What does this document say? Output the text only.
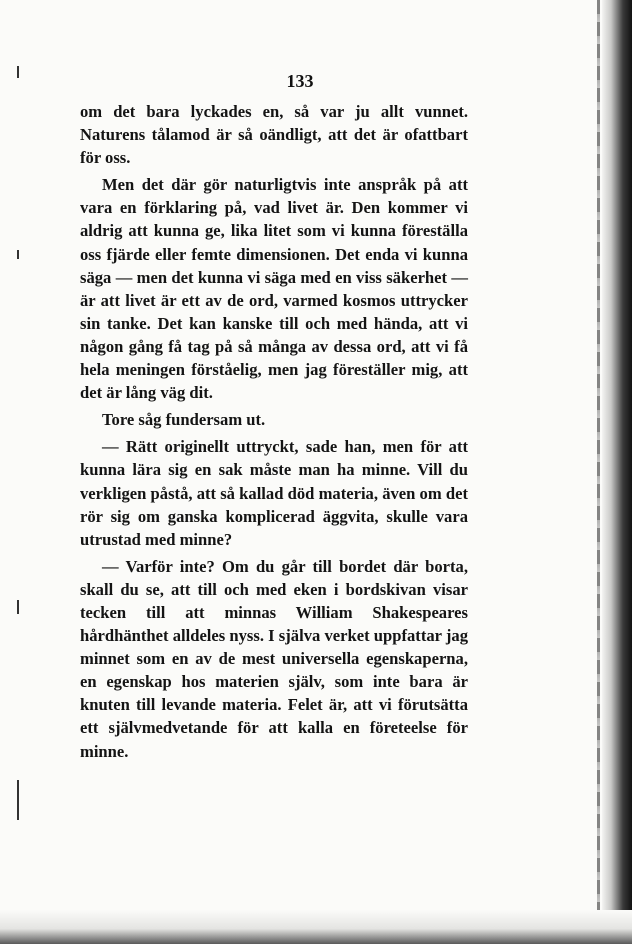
133

om det bara lyckades en, så var ju allt vunnet. Naturens tålamod är så oändligt, att det är ofattbart för oss.

Men det där gör naturligtvis inte anspråk på att vara en förklaring på, vad livet är. Den kommer vi aldrig att kunna ge, lika litet som vi kunna föreställa oss fjärde eller femte dimensionen. Det enda vi kunna säga — men det kunna vi säga med en viss säkerhet — är att livet är ett av de ord, varmed kosmos uttrycker sin tanke. Det kan kanske till och med hända, att vi någon gång få tag på så många av dessa ord, att vi få hela meningen förståelig, men jag föreställer mig, att det är lång väg dit.

Tore såg fundersam ut.

— Rätt originellt uttryckt, sade han, men för att kunna lära sig en sak måste man ha minne. Vill du verkligen påstå, att så kallad död materia, även om det rör sig om ganska komplicerad äggvita, skulle vara utrustad med minne?

— Varför inte? Om du går till bordet där borta, skall du se, att till och med eken i bordskivan visar tecken till att minnas William Shakespeares hårdhänthet alldeles nyss. I själva verket uppfattar jag minnet som en av de mest universella egenskaperna, en egenskap hos materien själv, som inte bara är knuten till levande materia. Felet är, att vi förutsätta ett självmedvetande för att kalla en företeelse för minne.
